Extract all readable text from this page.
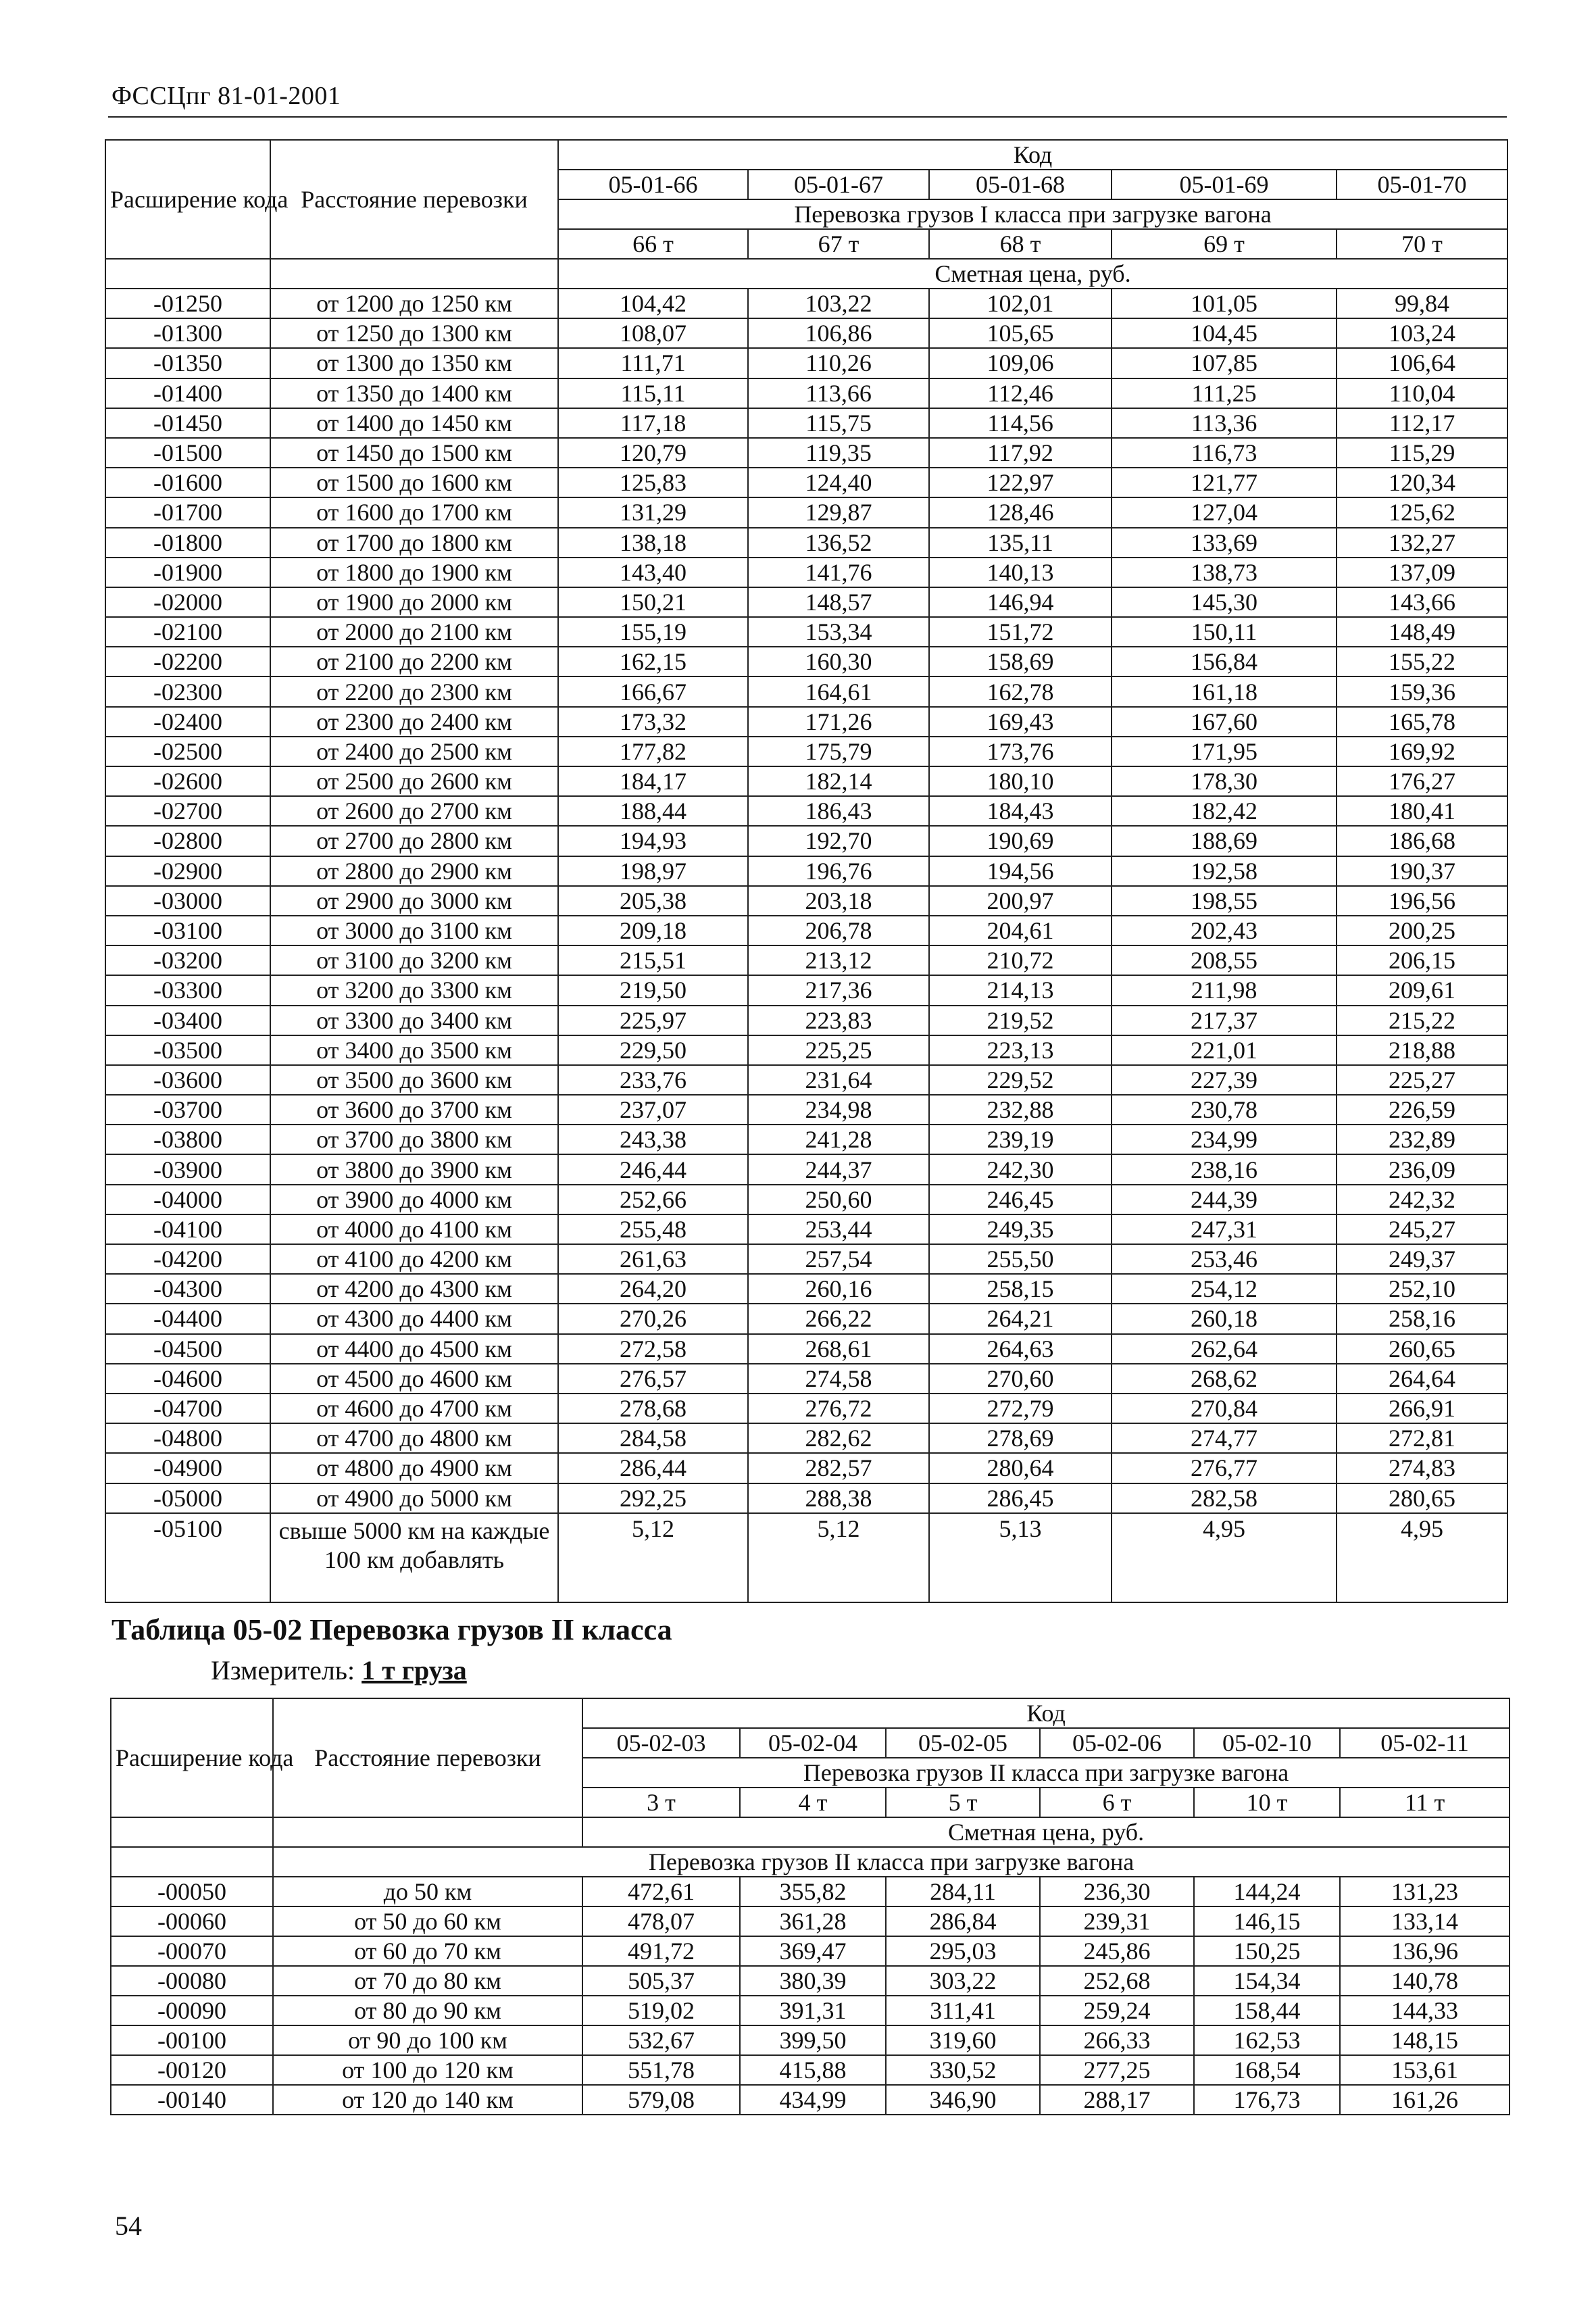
ФССЦпг 81-01-2001
Расширение кода	Расстояние перевозки	Код				
		05-01-66	05-01-67	05-01-68	05-01-69	05-01-70
		Перевозка грузов I класса при загрузке вагона				
		66 т	67 т	68 т	69 т	70 т
		Сметная цена, руб.				
-01250	от 1200 до 1250 км	104,42	103,22	102,01	101,05	99,84
-01300	от 1250 до 1300 км	108,07	106,86	105,65	104,45	103,24
-01350	от 1300 до 1350 км	111,71	110,26	109,06	107,85	106,64
-01400	от 1350 до 1400 км	115,11	113,66	112,46	111,25	110,04
-01450	от 1400 до 1450 км	117,18	115,75	114,56	113,36	112,17
-01500	от 1450 до 1500 км	120,79	119,35	117,92	116,73	115,29
-01600	от 1500 до 1600 км	125,83	124,40	122,97	121,77	120,34
-01700	от 1600 до 1700 км	131,29	129,87	128,46	127,04	125,62
-01800	от 1700 до 1800 км	138,18	136,52	135,11	133,69	132,27
-01900	от 1800 до 1900 км	143,40	141,76	140,13	138,73	137,09
-02000	от 1900 до 2000 км	150,21	148,57	146,94	145,30	143,66
-02100	от 2000 до 2100 км	155,19	153,34	151,72	150,11	148,49
-02200	от 2100 до 2200 км	162,15	160,30	158,69	156,84	155,22
-02300	от 2200 до 2300 км	166,67	164,61	162,78	161,18	159,36
-02400	от 2300 до 2400 км	173,32	171,26	169,43	167,60	165,78
-02500	от 2400 до 2500 км	177,82	175,79	173,76	171,95	169,92
-02600	от 2500 до 2600 км	184,17	182,14	180,10	178,30	176,27
-02700	от 2600 до 2700 км	188,44	186,43	184,43	182,42	180,41
-02800	от 2700 до 2800 км	194,93	192,70	190,69	188,69	186,68
-02900	от 2800 до 2900 км	198,97	196,76	194,56	192,58	190,37
-03000	от 2900 до 3000 км	205,38	203,18	200,97	198,55	196,56
-03100	от 3000 до 3100 км	209,18	206,78	204,61	202,43	200,25
-03200	от 3100 до 3200 км	215,51	213,12	210,72	208,55	206,15
-03300	от 3200 до 3300 км	219,50	217,36	214,13	211,98	209,61
-03400	от 3300 до 3400 км	225,97	223,83	219,52	217,37	215,22
-03500	от 3400 до 3500 км	229,50	225,25	223,13	221,01	218,88
-03600	от 3500 до 3600 км	233,76	231,64	229,52	227,39	225,27
-03700	от 3600 до 3700 км	237,07	234,98	232,88	230,78	226,59
-03800	от 3700 до 3800 км	243,38	241,28	239,19	234,99	232,89
-03900	от 3800 до 3900 км	246,44	244,37	242,30	238,16	236,09
-04000	от 3900 до 4000 км	252,66	250,60	246,45	244,39	242,32
-04100	от 4000 до 4100 км	255,48	253,44	249,35	247,31	245,27
-04200	от 4100 до 4200 км	261,63	257,54	255,50	253,46	249,37
-04300	от 4200 до 4300 км	264,20	260,16	258,15	254,12	252,10
-04400	от 4300 до 4400 км	270,26	266,22	264,21	260,18	258,16
-04500	от 4400 до 4500 км	272,58	268,61	264,63	262,64	260,65
-04600	от 4500 до 4600 км	276,57	274,58	270,60	268,62	264,64
-04700	от 4600 до 4700 км	278,68	276,72	272,79	270,84	266,91
-04800	от 4700 до 4800 км	284,58	282,62	278,69	274,77	272,81
-04900	от 4800 до 4900 км	286,44	282,57	280,64	276,77	274,83
-05000	от 4900 до 5000 км	292,25	288,38	286,45	282,58	280,65
-05100	свыше 5000 км на каждые 100 км добавлять	5,12	5,12	5,13	4,95	4,95
Таблица 05-02 Перевозка грузов II класса
Измеритель: 1 т груза
Расширение кода	Расстояние перевозки	Код					
		05-02-03	05-02-04	05-02-05	05-02-06	05-02-10	05-02-11
		Перевозка грузов II класса при загрузке вагона					
		3 т	4 т	5 т	6 т	10 т	11 т
		Сметная цена, руб.					
	Перевозка грузов II класса при загрузке вагона						
-00050	до 50 км	472,61	355,82	284,11	236,30	144,24	131,23
-00060	от 50 до 60 км	478,07	361,28	286,84	239,31	146,15	133,14
-00070	от 60 до 70 км	491,72	369,47	295,03	245,86	150,25	136,96
-00080	от 70 до 80 км	505,37	380,39	303,22	252,68	154,34	140,78
-00090	от 80 до 90 км	519,02	391,31	311,41	259,24	158,44	144,33
-00100	от 90 до 100 км	532,67	399,50	319,60	266,33	162,53	148,15
-00120	от 100 до 120 км	551,78	415,88	330,52	277,25	168,54	153,61
-00140	от 120 до 140 км	579,08	434,99	346,90	288,17	176,73	161,26
54
